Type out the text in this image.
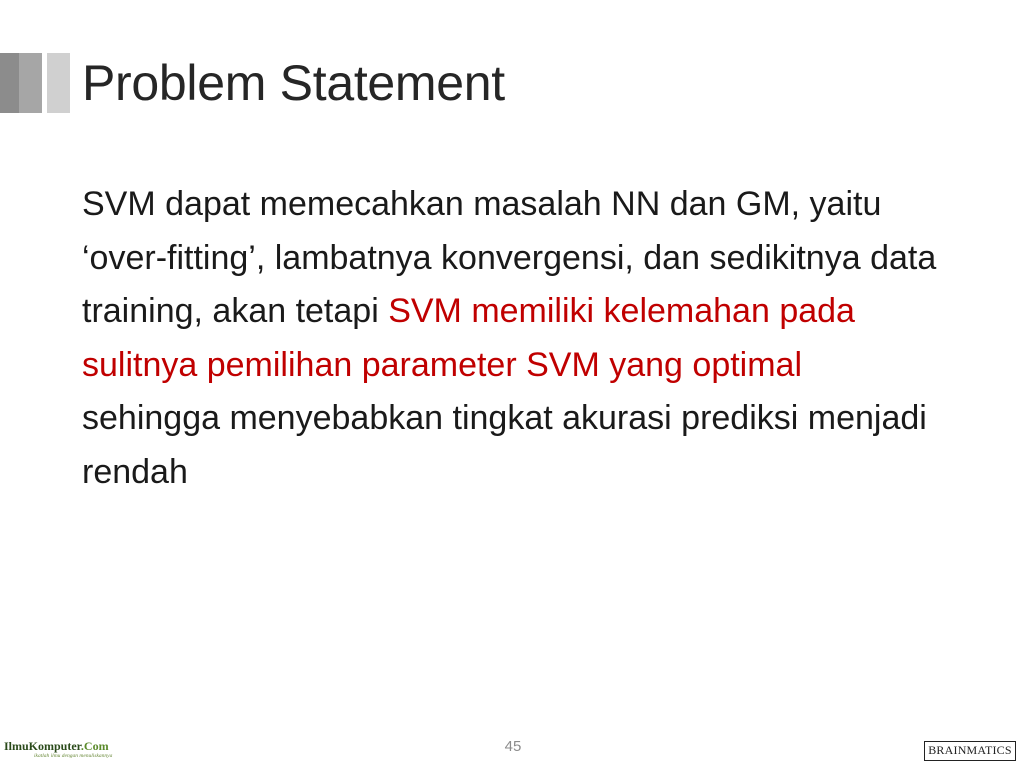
Problem Statement
SVM dapat memecahkan masalah NN dan GM, yaitu ‘over-fitting’, lambatnya konvergensi, dan sedikitnya data training, akan tetapi SVM memiliki kelemahan pada sulitnya pemilihan parameter SVM yang optimal sehingga menyebabkan tingkat akurasi prediksi menjadi rendah
45
IlmuKomputer.Com
ikatlah ilmu dengan menuliskannya	BRAINMATICS
